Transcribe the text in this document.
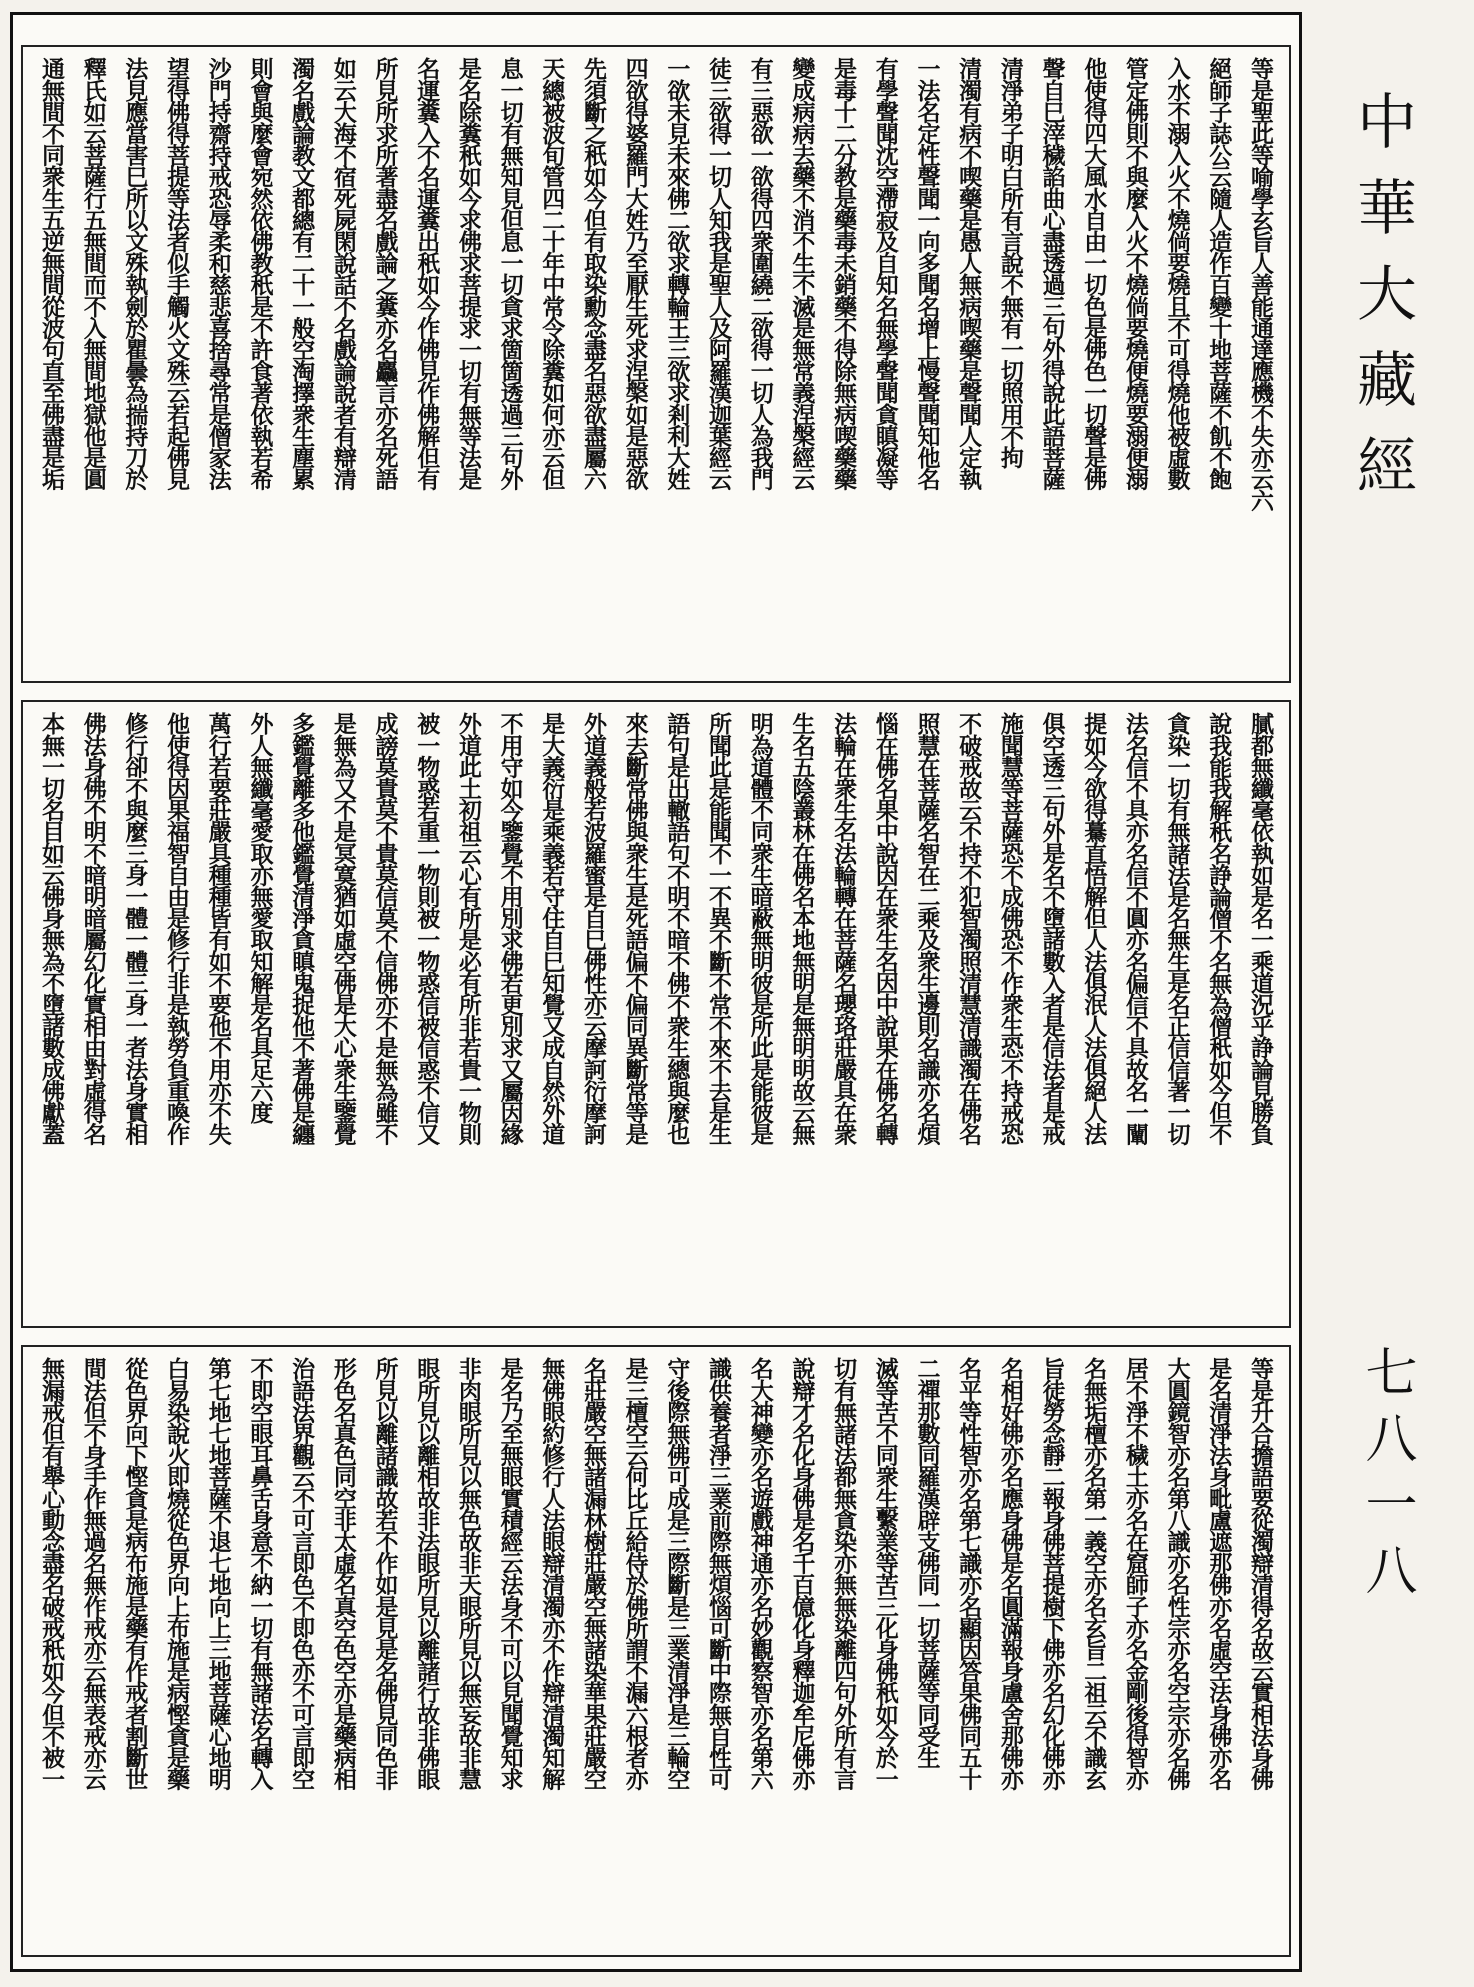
等是聖此等喻學玄旨人善能通達應機不失亦云六
絕師子誌公云隨人造作百變十地菩薩不飢不飽
入水不溺入火不燒倘要燒且不可得燒他被虛數
管定佛則不與麼入火不燒倘要燒便燒要溺便溺
他使得四大風水自由一切色是佛色一切聲是佛
聲自巳滓穢諂曲心盡透過三句外得說此語菩薩
清淨弟子明白所有言說不無有一切照用不拘
清濁有病不喫藥是愚人無病喫藥是聲聞人定執
一法名定性聲聞一向多聞名增上慢聲聞知他名
有學聲聞沈空滯寂及自知名無學聲聞貪瞋凝等
是毒十二分教是藥毒未銷藥不得除無病喫藥藥
變成病病去藥不消不生不滅是無常義涅槃經云
有三惡欲一欲得四衆圍繞二欲得一切人為我門
徒三欲得一切人知我是聖人及阿羅漢迦葉經云
一欲未見未來佛二欲求轉輪王三欲求剎利大姓
四欲得婆羅門大姓乃至厭生死求涅槃如是惡欲
先須斷之秖如今但有取染勳念盡名惡欲盡屬六
天總被波旬管四二十年中常令除糞如何亦云但
息一切有無知見但息一切貪求箇箇透過三句外
是名除糞秖如今求佛求菩提求一切有無等法是
名運糞入不名運糞出秖如今作佛見作佛解但有
所見所求所著盡名戲論之糞亦名麤言亦名死語
如云大海不宿死屍閑說話不名戲論說者有辯清
濁名戲論教文都總有二十一般空淘擇衆生塵累
則會與麼會宛然依佛教秖是不許食著依執若希
沙門持齋持戒恐辱柔和慈悲喜捨尋常是僧家法
望得佛得菩提等法者似手觸火文殊云若起佛見
法見應當害巳所以文殊執劍於瞿曇為揣持刀於
釋氏如云菩薩行五無間而不入無間地獄他是圓
通無間不同衆生五逆無間從波句直至佛盡是垢
膩都無纖毫依執如是名一乘道況乎諍論見勝負
說我能我解秖名諍論僧不名無為僧秖如今但不
貪染一切有無諸法是名無生是名正信信著一切
法名信不具亦名信不圓亦名偏信不具故名一闡
提如今欲得驀直悟解但人法俱泯人法俱絕人法
俱空透三句外是名不墮諸數入者是信法者是戒
施聞慧等菩薩恐不成佛恐不作衆生恐不持戒恐
不破戒故云不持不犯智濁照清慧清識濁在佛名
照慧在菩薩名智在二乘及衆生邊則名識亦名煩
惱在佛名果中說因在衆生名因中說果在佛名轉
法輪在衆生名法輪轉在菩薩名瓔珞莊嚴具在衆
生名五陰叢林在佛名本地無明是無明明故云無
明為道體不同衆生暗蔽無明彼是所此是能彼是
所聞此是能聞不一不異不斷不常不來不去是生
語句是出轍語句不明不暗不佛不衆生總與麼也
來去斷常佛與衆生是死語偏不偏同異斷常等是
外道義般若波羅蜜是自巳佛性亦云摩訶衍摩訶
是大義衍是乘義若守住自巳知覺又成自然外道
不用守如今鑒覺不用別求佛若更別求又屬因緣
外道此土初祖云心有所是必有所非若貴一物則
被一物惑若重一物則被一物惑信被信惑不信又
成謗莫貴莫不貴莫信莫不信佛亦不是無為雖不
是無為又不是冥寞猶如虛空佛是大心衆生鑒覺
多鑑覺離多他鑑覺清淨貪瞋鬼捉他不著佛是纏
外人無纖毫愛取亦無愛取知解是名具足六度
萬行若要莊嚴具種種皆有如不要他不用亦不失
他使得因果福智自由是修行非是執勞負重喚作
修行卻不與麼三身一體一體三身一者法身實相
佛法身佛不明不暗明暗屬幻化實相由對虛得名
本無一切名目如云佛身無為不墮諸數成佛獻蓋
等是升合擔語要從濁辯清得名故云實相法身佛
是名清淨法身毗盧遮那佛亦名虛空法身佛亦名
大圓鏡智亦名第八識亦名性宗亦名空宗亦名佛
居不淨不穢土亦名在窟師子亦名金剛後得智亦
名無垢檀亦名第一義空亦名玄旨二祖云不識玄
旨徒勞念靜二報身佛菩提樹下佛亦名幻化佛亦
名相好佛亦名應身佛是名圓滿報身盧舍那佛亦
名平等性智亦名第七識亦名顯因答果佛同五十
二禪那數同羅漢辟支佛同一切菩薩等同受生
滅等苦不同衆生繫業等苦三化身佛秖如今於一
切有無諸法都無貪染亦無無染離四句外所有言
說辯才名化身佛是名千百億化身釋迦牟尼佛亦
名大神變亦名遊戲神通亦名妙觀察智亦名第六
識供養者淨三業前際無煩惱可斷中際無自性可
守後際無佛可成是三際斷是三業清淨是三輪空
是三檀空云何比丘給侍於佛所謂不漏六根者亦
名莊嚴空無諸漏林樹莊嚴空無諸染華果莊嚴空
無佛眼約修行人法眼辯清濁亦不作辯清濁知解
是名乃至無眼實積經云法身不可以見聞覺知求
非肉眼所見以無色故非天眼所見以無妄故非慧
眼所見以離相故非法眼所見以離諸行故非佛眼
所見以離諸識故若不作如是見是名佛見同色非
形色名真色同空非太虛名真空色空亦是藥病相
治語法界觀云不可言即色不即色亦不可言即空
不即空眼耳鼻舌身意不納一切有無諸法名轉入
第七地七地菩薩不退七地向上三地菩薩心地明
白易染說火即燒從色界向上布施是病慳貪是藥
從色界向下慳貪是病布施是藥有作戒者割斷世
間法但不身手作無過名無作戒亦云無表戒亦云
無漏戒但有舉心動念盡名破戒秖如今但不被一
中華大藏經
七八一八
